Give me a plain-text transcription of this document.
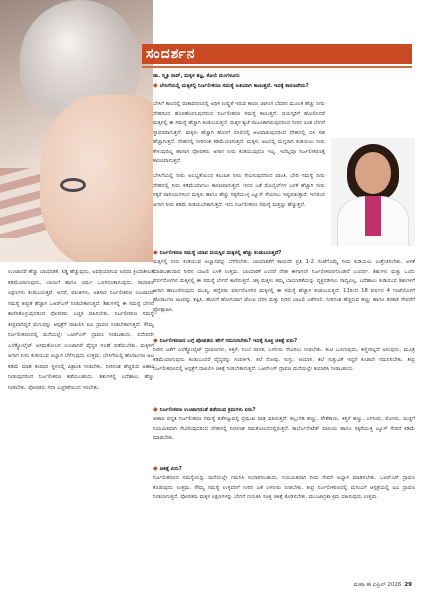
ಉಂಟಾದರೆ ಹೆಚ್ಚು ಬಾಯಾರಿಕೆ, ಸಿಡ್ಡಿ ಹೆಚ್ಚುವುದು, ಅವಧಿಯಾಗುವ ಅಥವಾ ಕ್ರಿಯಾಶೀಲತೆ ಕಡಿಮೆಯಾಗುವುದು, ಬಾಯಿಗೆ ಹಾಗೂ ಚರ್ಮ ಒಣಗಿದಂತಾಗುವುದು, ಸಾಧಾರಣ ಲಕ್ಷಣಗಳು ಕಂಡುಬರುತ್ತವೆ. ಆದರೆ, ವಾಂತಿಗಳು, ಅತಿಸಾರ ನಿರ್ಜಲೀಕರಣ ಉಂಟಾದರೆ ಸಮಸ್ಯೆ ತೀವ್ರತೆ ಹೆಚ್ಚಾಗಿ ಒಆರ್‌ಎಸ್ ನೀಡಬೇಕಾಗುತ್ತದೆ. ಶಿಶುಗಳಲ್ಲಿ ಈ ಸಮಸ್ಯೆ ಬೇಗನೆ ಕಾಣಿಸಿಕೊಳ್ಳುವುದರಿಂದ ಪೋಷಕರು ಎಚ್ಚರ ವಹಿಸಬೇಕು. ನಿರ್ಜಲೀಕರಣ ಸಮಸ್ಯೆ ತೀವ್ರವಾಗಿದ್ದರೆ ಮಗುವನ್ನು ಆಸ್ಪತ್ರೆಗೆ ದಾಖಲಿಸಿ ಐವಿ ದ್ರಾವಣ ನೀಡಬೇಕಾಗುತ್ತದೆ. ಸೌಮ್ಯ ನಿರ್ಜಲೀಕರಣದಲ್ಲಿ ಮನೆಯಲ್ಲೇ ಒಆರ್‌ಎಸ್ ದ್ರಾವಣ ನೀಡಬಹುದು. ಪದೇಪದೇ ಎಲೆಕ್ಟ್ರೋಲೈಟ್ ಅಸಮತೋಲನ ಉಂಟಾದರೆ ವೈದ್ಯರ ಸಲಹೆ ಪಡೆಯಬೇಕು. ಮಕ್ಕಳಿಗೆ ಆಗಾಗ ನೀರು ಕುಡಿಯುವ ಅಭ್ಯಾಸ ಬೆಳೆಸುವುದು ಉತ್ತಮ. ಬೇಸಿಗೆಯಲ್ಲಿ ಹೊರಾಂಗಣ ಆಟ ಕಡಿಮೆ ಮಾಡಿ ತಂಪಾದ ಸ್ಥಳದಲ್ಲಿ ವಿಶ್ರಾಂತಿ ನೀಡಬೇಕು. ನೀರಿನಂಶ ಹೆಚ್ಚಿರುವ ಆಹಾರ ನೀಡುವುದರಿಂದ ನಿರ್ಜಲೀಕರಣ ತಡೆಯಬಹುದು. ಶಿಶುಗಳಲ್ಲಿ ಎದೆಹಾಲು ಹೆಚ್ಚು ನೀಡಬೇಕು. ಪೋಷಕರು ಸದಾ ಎಚ್ಚರಿಕೆಯಿಂದ ಇರಬೇಕು.
ಸಂದರ್ಶನ
ಡಾ. ಸ್ಮೃತಿ ರಾವ್, ಮಕ್ಕಳ ತಜ್ಞ, ಕೋಲಿ ಮಂಗಳೂರು
◆ ಬೇಸಿಗೆಯಲ್ಲಿ ಮಕ್ಕಳಲ್ಲಿ ನಿರ್ಜಲೀಕರಣ ಸಮಸ್ಯೆ ಅತಿಯಾಗಿ ಕಾಣುತ್ತದೆ. ಇದಕ್ಕೆ ಕಾರಣವೇನು?
ಬೇಸಿಗೆ ಕಾಲದಲ್ಲಿ ವಾತಾವರಣದಲ್ಲಿ ಅಧಿಕ ಉಷ್ಣತೆ ಇರುವ ಕಾರಣ ಜಾಗಿಂಗ ಬೆವರಿನ ಮೂಲಕ ಹೆಚ್ಚು ನೀರು ದೇಹದಿಂದ ಹೊರಹೋಗುವುದರಿಂದ ನಿರ್ಜಲೀಕರಣ ಸಮಸ್ಯೆ ಕಾಣುತ್ತದೆ. ವಯಸ್ಕರಿಗೆ ಹೋಲಿಸಿದರೆ ಮಕ್ಕಳಲ್ಲಿ ಈ ಸಮಸ್ಯೆ ಹೆಚ್ಚಾಗಿ ಕಂಡುಬರುತ್ತದೆ. ಮಕ್ಕಳ ತ್ವಚೆ ನಾಜೂಕಾಗಿರುವುದರಿಂದ ನೀರಿನ ಅಂಶ ಬೇಗನೆ ಸ್ಥಾವರವಾಗುತ್ತದೆ. ಮಕ್ಕಳು ಹೆಚ್ಚಾಗಿ ಹೊರಗೆ ಬಿಸಿಲಿನಲ್ಲಿ ಆಟವಾಡುವುದರಿಂದ ದೇಹದಲ್ಲಿ ಬಿಸಿ ಸಹ ಹೆಚ್ಚಾಗುತ್ತದೆ. ದೇಹದಲ್ಲಿ ನೀರಿನಂಶ ಕಡಿಮೆಯಾಗುತ್ತದೆ. ಮಕ್ಕಳು ಆಟದಲ್ಲಿ ಮಗ್ನರಾಗಿ ಕುಡಿಯಲು ನೀರು ಕೇಳುವುದಿಲ್ಲ ಹಾಗಾಗಿ ಪೋಷಕರು ಆಗಾಗ ನೀರು ಕುಡಿಯುವುದೂ ಇಲ್ಲ. ಇದೆಲ್ಲವೂ ನಿರ್ಜಲೀಕರಣಕ್ಕೆ ಕಾರಣವಾಗುತ್ತದೆ.
ಬೇಸಿಗೆಯಲ್ಲಿ ನೀರು ಅಲಭ್ಯತೆಯಿಂದ ಕಲುಷಿತ ನೀರು ಸೇವಿಸುವುದರಿಂದ ವಾಂತಿ, ಭೇದಿ ಸಮಸ್ಯೆ ನೀರು ದೇಹದಲ್ಲಿ ನೀರು ಕಡಿಮೆಯಾಗಲು ಕಾರಣವಾಗುತ್ತದೆ. ಇದರ ಜತೆ ಮೊಬೈಲ್‌ಗಳ ಬಳಕೆ ಹೆಚ್ಚಾಗಿ ನೀರು ಸಕ್ಕರೆ ಪಾನೀಯಗಳಿಂದ ಮಕ್ಕಳು ಹಾಗೂ ಹೆಚ್ಚು ಸಕ್ಕರೆಯುಳ್ಳ ಜ್ಯೂಸ್ ಸೇವಿಸಲು ಇಷ್ಟಪಡುತ್ತಾರೆ. ಇದರಿಂದ ಆಗಾಗ ನೀರು ಕಡಿಮೆ ಕುಡಿಯಬೇಕಾಗುತ್ತದೆ. ಇದು ನಿರ್ಜಲೀಕರಣ ಸಮಸ್ಯೆ ಮತ್ತಷ್ಟು ಹೆಚ್ಚುತ್ತದೆ.
◆ ನಿರ್ಜಲೀಕರಣ ಸಮಸ್ಯೆ ಯಾವ ವಯಸ್ಸಿನ ಮಕ್ಕಳಲ್ಲಿ ಹೆಚ್ಚು ಕಂಡುಬರುತ್ತದೆ?
ಮಕ್ಕಳಲ್ಲಿ ನೀರು ಕುಡಿಯುವ ಅಭ್ಯಾಸವನ್ನು ಬೆಳೆಸಬೇಕು. ಬಾಯಾರಿಕೆಗೆ ಕಾಯದೇ ಪ್ರತಿ 1-2 ಗಂಟೆಗೊಮ್ಮೆ ನೀರು ಕುಡಿಯಲು ಉತ್ತೇಜಿಸಬೇಕು. ಅಳತೆ ಮಾಡಬಹುದಾದ ನೀರಿನ ಬಾಟಲಿ ಬಳಕೆ ಉತ್ತಮ. ಬಾಯಾರಿಕೆ ಎಂದರೆ ದೇಹ ಈಗಾಗಲೇ ನಿರ್ಜಲೀಕರಣಗೊಂಡಿದೆ ಎಂದರ್ಥ. ಶಿಶುಗಳು ಮತ್ತು ಒಂದು ವರ್ಷದೊಳಗಿನ ಮಕ್ಕಳಲ್ಲಿ ಈ ಸಮಸ್ಯೆ ಬೇಗನೆ ಕಾಣಿಸುತ್ತದೆ. ಚಿಕ್ಕ ಮಕ್ಕಳು ತಮ್ಮ ಬಾಯಾರಿಕೆಯನ್ನು ವ್ಯಕ್ತಪಡಿಸಲು ಸಾಧ್ಯವಿಲ್ಲ. ಎದೆಹಾಲು ಕುಡಿಯುವ ಶಿಶುಗಳಿಗೆ ಆಗಾಗ ಹಾಲುಣಿಸುವುದು ಮುಖ್ಯ. ಹನ್ನೆರಡು ವರ್ಷದೊಳಗಿನ ಮಕ್ಕಳಲ್ಲಿ ಈ ಸಮಸ್ಯೆ ಹೆಚ್ಚಾಗಿ ಕಂಡುಬರುತ್ತದೆ. 11ರಿಂದ 18 ವರ್ಷದ 4 ಗಂಟೆಯೊಳಗೆ ಹೊರಾಂಗಣ ಆಟವನ್ನು ತಪ್ಪಿಸಿ. ಹೊರಗೆ ಹೋಗುವಾಗ ಟೋಪಿ ಧರಿಸಿ ಮತ್ತು ನೀರಿನ ಬಾಟಲಿ ಜತೆಗಿರಲಿ. ನೀರಿನಂಶ ಹೆಚ್ಚಿರುವ ಹಣ್ಣು ಹಾಗೂ ತರಕಾರಿ ಸೇವನೆಗೆ ಪ್ರೋತ್ಸಾಹಿಸಿ.
◆ ನಿರ್ಜಲೀಕರಣದ ಬಗ್ಗೆ ಪೋಷಕರು ಹೇಗೆ ಗಮನಿಸಬೇಕು? ಇದಕ್ಕೆ ಸೂಕ್ತ ಚಿಕಿತ್ಸೆ ಏನು?
ನೀರಿನ ಜತೆಗೆ ಎಲೆಕ್ಟ್ರೋಲೈಟ್ ದ್ರಾವಣಗಳು, ಕಿತ್ತಳೆ, ನಿಂಬೆ ಪಾನಕ, ಎಳನೀರು ಸೇವಿಸಲು ನೀಡಬೇಕು. ತುಟಿ ಒಣಗುವುದು, ಕಣ್ಣೀರಿಲ್ಲದೆ ಅಳುವುದು, ಮೂತ್ರ ಕಡಿಮೆಯಾಗುವುದು ಕಂಡುಬಂದರೆ ವೈದ್ಯರನ್ನು ಸಂಪರ್ಕಿಸಿ. ತಲೆ ನೋವು, ಸುಸ್ತು, ಆಯಾಸ, ತಲೆ ಸುತ್ತುವಿಕೆ ಇದ್ದರೆ ಕೂಡಲೇ ಗಮನಿಸಬೇಕು. ತೀವ್ರ ನಿರ್ಜಲೀಕರಣದಲ್ಲಿ ಆಸ್ಪತ್ರೆಗೆ ದಾಖಲಿಸಿ ಚಿಕಿತ್ಸೆ ನೀಡಬೇಕಾಗುತ್ತದೆ. ಒಆರ್‌ಎಸ್ ದ್ರಾವಣ ಮನೆಯಲ್ಲೇ ತಯಾರಿಸಿ ನೀಡಬಹುದು.
◆ ನಿರ್ಜಲೀಕರಣ ಉಂಟಾಗದಂತೆ ತಡೆಯುವ ಕ್ರಮಗಳು ಏನು?
ಆಹಾರ ಪದ್ಧತಿ ನಿರ್ಜಲೀಕರಣ ಸಮಸ್ಯೆ ತಡೆಗಟ್ಟುವಲ್ಲಿ ಪ್ರಮುಖ ಪಾತ್ರ ವಹಿಸುತ್ತದೆ. ಕಲ್ಲಂಗಡಿ ಹಣ್ಣು, ಸೌತೆಕಾಯಿ, ಕಿತ್ತಳೆ ಹಣ್ಣು, ಎಳನೀರು, ಮೊಸರು, ಮಜ್ಜಿಗೆ ನಿಯಮಿತವಾಗಿ ಸೇವಿಸುವುದರಿಂದ ದೇಹದಲ್ಲಿ ನೀರಿನಂಶ ಸಮತೋಲನದಲ್ಲಿರುತ್ತದೆ. ಕಾರ್ಬೊನೇಟೆಡ್ ಪಾನೀಯ ಹಾಗೂ ಸಕ್ಕರೆಯುಕ್ತ ಜ್ಯೂಸ್ ಸೇವನೆ ಕಡಿಮೆ ಮಾಡಬೇಕು.
◆ ಚಿಕಿತ್ಸೆ ಏನು?
ನಿರ್ಜಲೀಕರಣದ ಸಮಸ್ಯೆಯನ್ನು ಮನೆಯಲ್ಲೇ ಗಮನಿಸಿ ಸುಧಾರಿಸಬಹುದು. ನಿಯಮಿತವಾಗಿ ನೀರು ಸೇವನೆ ಅಭ್ಯಾಸ ಮಾಡಿಸಬೇಕು. ಒಆರ್‌ಎಸ್ ದ್ರಾವಣ ಕೊಡುವುದು ಉತ್ತಮ. ಸೌಮ್ಯ ಸಮಸ್ಯೆ ಉಳ್ಳವರಿಗೆ ನೀರಿನ ಜತೆ ಎಳನೀರು ನೀಡಬೇಕು. ತೀವ್ರ ನಿರ್ಜಲೀಕರಣದಲ್ಲಿ ಮಗುವಿಗೆ ಆಸ್ಪತ್ರೆಯಲ್ಲಿ ಐವಿ ದ್ರಾವಣ ನೀಡಲಾಗುತ್ತದೆ. ಪೋಷಕರು ಮಕ್ಕಳ ಲಕ್ಷಣಗಳನ್ನು ಬೇಗನೆ ಗುರುತಿಸಿ ಸೂಕ್ತ ಚಿಕಿತ್ಸೆ ಕೊಡಿಸಬೇಕು. ಮುಂಜಾಗ್ರತಾ ಕ್ರಮ ವಹಿಸುವುದು ಉತ್ತಮ.
ಮಹಾ ಈ ಏಪ್ರಿಲ್ 2026 29
